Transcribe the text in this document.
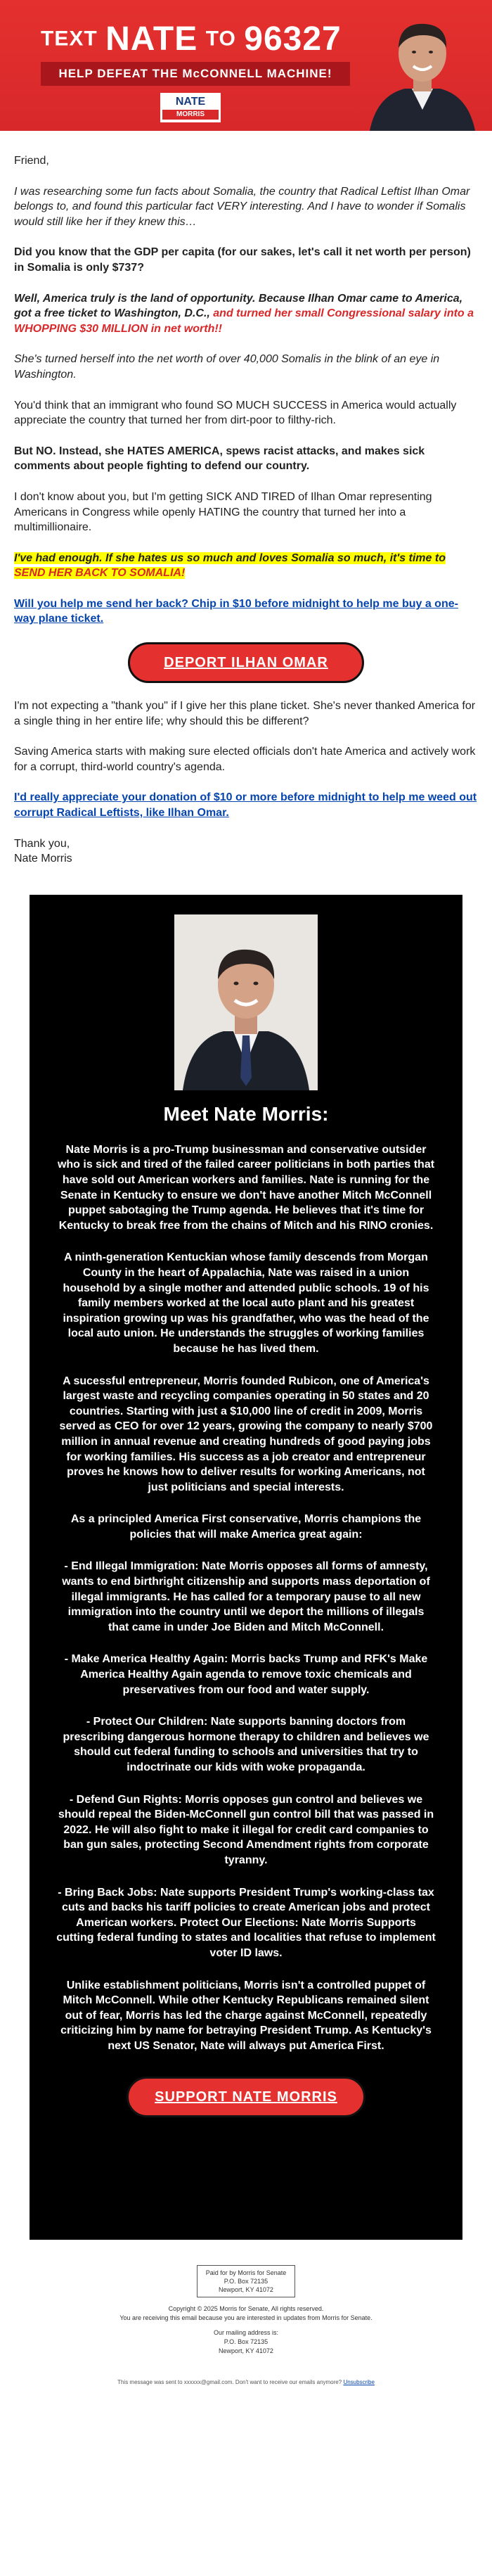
TEXT NATE TO 96327
HELP DEFEAT THE McCONNELL MACHINE!
NATE
MORRIS

Friend,

I was researching some fun facts about Somalia, the country that Radical Leftist Ilhan Omar belongs to, and found this particular fact VERY interesting. And I have to wonder if Somalis would still like her if they knew this…

Did you know that the GDP per capita (for our sakes, let's call it net worth per person) in Somalia is only $737?

Well, America truly is the land of opportunity. Because Ilhan Omar came to America, got a free ticket to Washington, D.C., and turned her small Congressional salary into a WHOPPING $30 MILLION in net worth!!

She's turned herself into the net worth of over 40,000 Somalis in the blink of an eye in Washington.

You'd think that an immigrant who found SO MUCH SUCCESS in America would actually appreciate the country that turned her from dirt-poor to filthy-rich.

But NO. Instead, she HATES AMERICA, spews racist attacks, and makes sick comments about people fighting to defend our country.

I don't know about you, but I'm getting SICK AND TIRED of Ilhan Omar representing Americans in Congress while openly HATING the country that turned her into a multimillionaire.

I've had enough. If she hates us so much and loves Somalia so much, it's time to SEND HER BACK TO SOMALIA!

Will you help me send her back? Chip in $10 before midnight to help me buy a one-way plane ticket.

DEPORT ILHAN OMAR

I'm not expecting a "thank you" if I give her this plane ticket. She's never thanked America for a single thing in her entire life; why should this be different?

Saving America starts with making sure elected officials don't hate America and actively work for a corrupt, third-world country's agenda.

I'd really appreciate your donation of $10 or more before midnight to help me weed out corrupt Radical Leftists, like Ilhan Omar.

Thank you,

Nate Morris

Meet Nate Morris:

Nate Morris is a pro-Trump businessman and conservative outsider who is sick and tired of the failed career politicians in both parties that have sold out American workers and families. Nate is running for the Senate in Kentucky to ensure we don't have another Mitch McConnell puppet sabotaging the Trump agenda. He believes that it's time for Kentucky to break free from the chains of Mitch and his RINO cronies.

A ninth-generation Kentuckian whose family descends from Morgan County in the heart of Appalachia, Nate was raised in a union household by a single mother and attended public schools. 19 of his family members worked at the local auto plant and his greatest inspiration growing up was his grandfather, who was the head of the local auto union. He understands the struggles of working families because he has lived them.

A sucessful entrepreneur, Morris founded Rubicon, one of America's largest waste and recycling companies operating in 50 states and 20 countries. Starting with just a $10,000 line of credit in 2009, Morris served as CEO for over 12 years, growing the company to nearly $700 million in annual revenue and creating hundreds of good paying jobs for working families. His success as a job creator and entrepreneur proves he knows how to deliver results for working Americans, not just politicians and special interests.

As a principled America First conservative, Morris champions the policies that will make America great again:

- End Illegal Immigration: Nate Morris opposes all forms of amnesty, wants to end birthright citizenship and supports mass deportation of illegal immigrants. He has called for a temporary pause to all new immigration into the country until we deport the millions of illegals that came in under Joe Biden and Mitch McConnell.

- Make America Healthy Again: Morris backs Trump and RFK's Make America Healthy Again agenda to remove toxic chemicals and preservatives from our food and water supply.

- Protect Our Children: Nate supports banning doctors from prescribing dangerous hormone therapy to children and believes we should cut federal funding to schools and universities that try to indoctrinate our kids with woke propaganda.

- Defend Gun Rights: Morris opposes gun control and believes we should repeal the Biden-McConnell gun control bill that was passed in 2022. He will also fight to make it illegal for credit card companies to ban gun sales, protecting Second Amendment rights from corporate tyranny.

- Bring Back Jobs: Nate supports President Trump's working-class tax cuts and backs his tariff policies to create American jobs and protect American workers. Protect Our Elections: Nate Morris Supports cutting federal funding to states and localities that refuse to implement voter ID laws.

Unlike establishment politicians, Morris isn't a controlled puppet of Mitch McConnell. While other Kentucky Republicans remained silent out of fear, Morris has led the charge against McConnell, repeatedly criticizing him by name for betraying President Trump. As Kentucky's next US Senator, Nate will always put America First.

SUPPORT NATE MORRIS
Paid for by Morris for Senate
P.O. Box 72135
Newport, KY 41072
Copyright © 2025 Morris for Senate, All rights reserved.
You are receiving this email because you are interested in updates from Morris for Senate.
Our mailing address is:
P.O. Box 72135
Newport, KY 41072
This message was sent to xxxxxx@gmail.com. Don't want to receive our emails anymore? Unsubscribe
